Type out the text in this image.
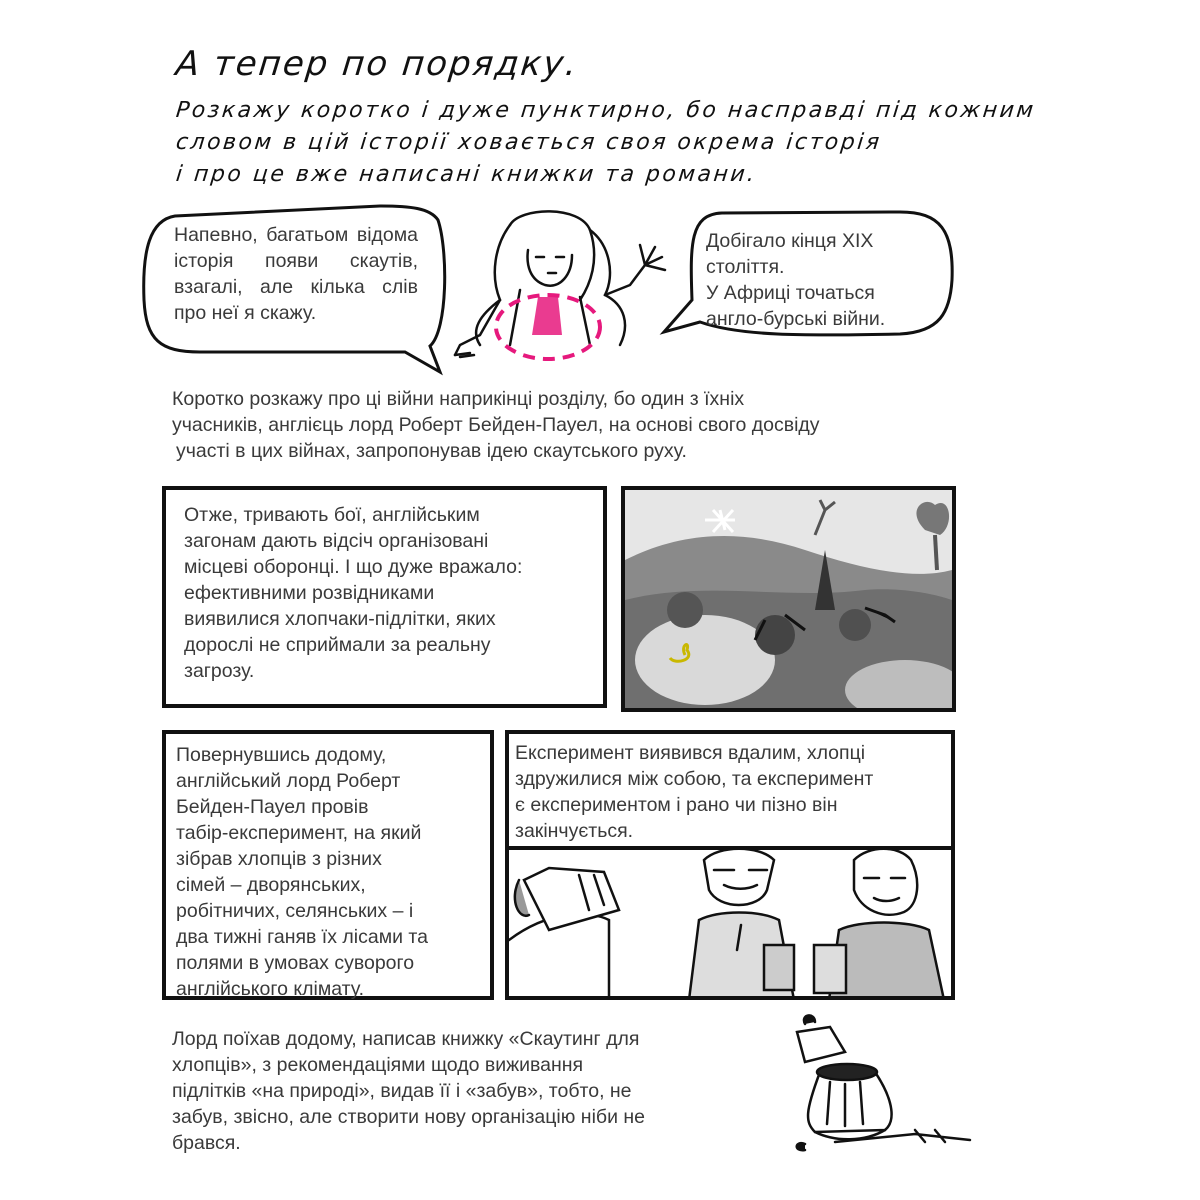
А тепер по порядку.
Розкажу коротко і дуже пунктирно, бо насправді під кожним
словом в цій історії ховається своя окрема історія
і про це вже написані книжки та романи.
Напевно, багатьом відома історія появи скаутів, взагалі, але кілька слів про неї я скажу.
Добігало кінця XIX
століття.
У Африці точаться
англо-бурські війни.
Коротко розкажу про ці війни наприкінці розділу, бо один з їхніх
учасників, англієць лорд Роберт Бейден-Пауел, на основі свого досвіду
участі в цих війнах, запропонував ідею скаутського руху.
Отже, тривають бої, англійським
загонам дають відсіч організовані
місцеві оборонці. І що дуже вражало:
ефективними розвідниками
виявилися хлопчаки-підлітки, яких
дорослі не сприймали за реальну
загрозу.
Повернувшись додому,
англійський лорд Роберт
Бейден-Пауел провів
табір-експеримент, на який
зібрав хлопців з різних
сімей – дворянських,
робітничих, селянських – і
два тижні ганяв їх лісами та
полями в умовах суворого
англійського клімату.
Експеримент виявився вдалим, хлопці
здружилися між собою, та експеримент
є експериментом і рано чи пізно він
закінчується.
Лорд поїхав додому, написав книжку «Скаутинг для
хлопців», з рекомендаціями щодо виживання
підлітків «на природі», видав її і «забув», тобто, не
забув, звісно, але створити нову організацію ніби не
брався.
